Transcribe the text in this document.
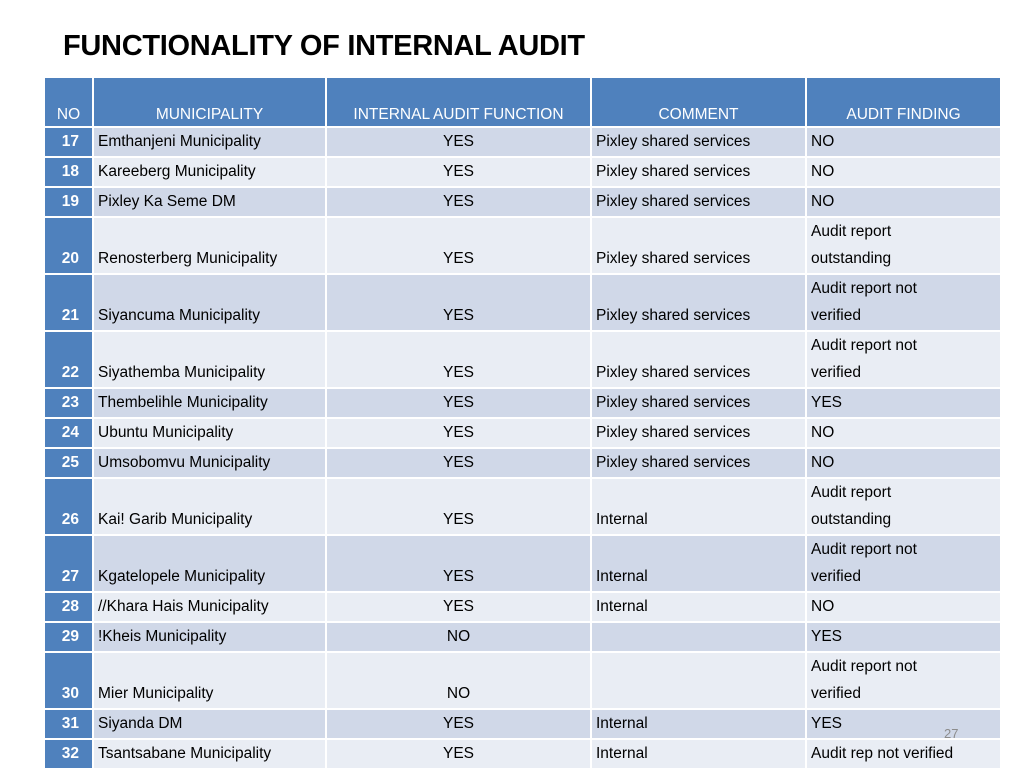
FUNCTIONALITY OF INTERNAL AUDIT
NO	MUNICIPALITY	INTERNAL AUDIT FUNCTION	COMMENT	AUDIT FINDING
17	Emthanjeni Municipality	YES	Pixley shared services	NO

18	Kareeberg Municipality	YES	Pixley shared services	NO

19	Pixley Ka Seme DM	YES	Pixley shared services	NO

20	Renosterberg Municipality	YES	Pixley shared services	Audit report
outstanding

21	Siyancuma Municipality	YES	Pixley shared services	Audit report not
verified

22	Siyathemba Municipality	YES	Pixley shared services	Audit report not
verified

23	Thembelihle Municipality	YES	Pixley shared services	YES

24	Ubuntu Municipality	YES	Pixley shared services	NO

25	Umsobomvu Municipality	YES	Pixley shared services	NO

26	Kai! Garib Municipality	YES	Internal	Audit report
outstanding

27	Kgatelopele Municipality	YES	Internal	Audit report not
verified

28	//Khara Hais Municipality	YES	Internal	NO

29	!Kheis Municipality	NO		YES

30	Mier Municipality	NO		Audit report not
verified

31	Siyanda DM	YES	Internal	YES

32	Tsantsabane Municipality	YES	Internal	Audit rep not verified
27
